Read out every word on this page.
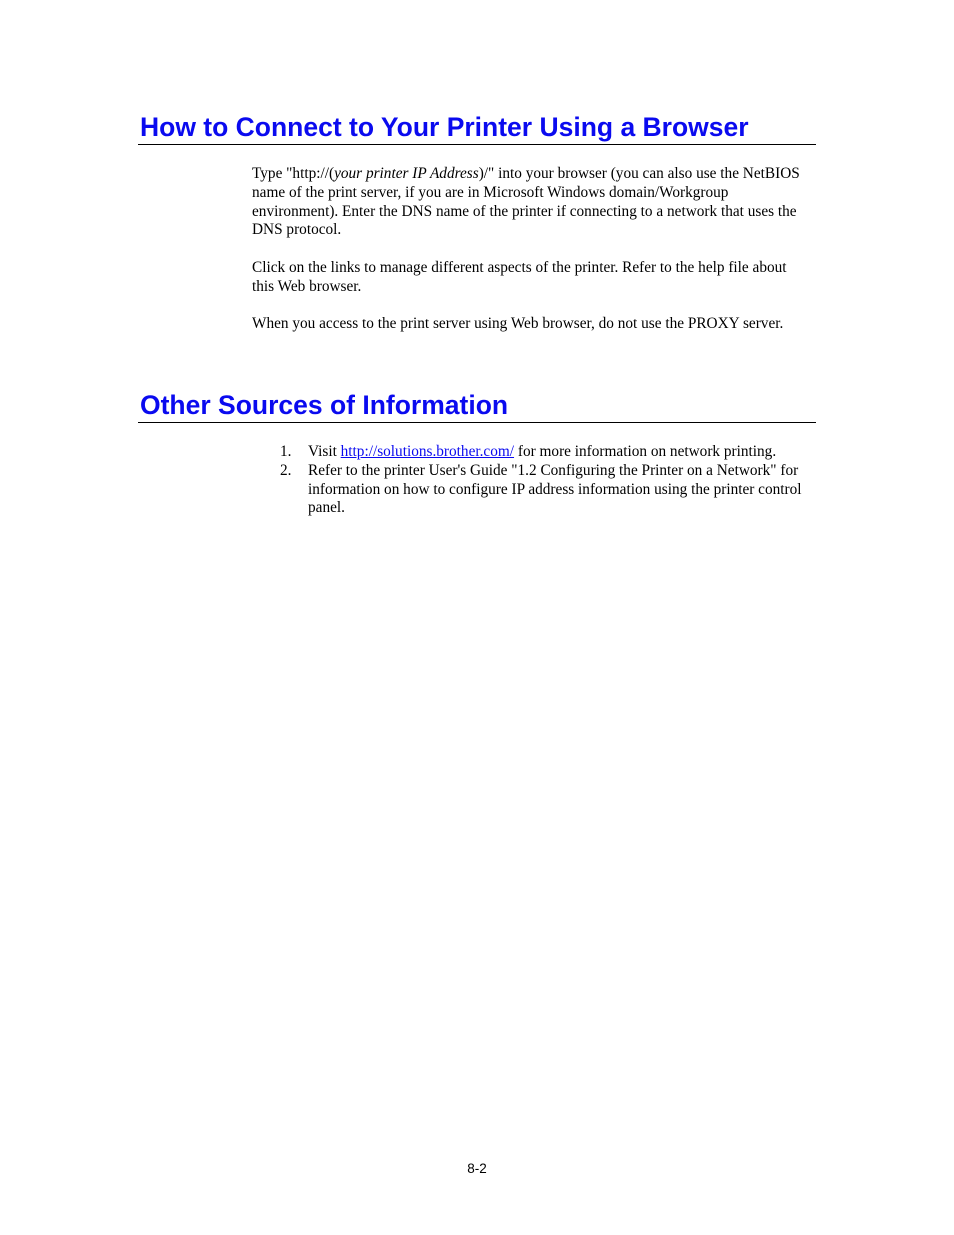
How to Connect to Your Printer Using a Browser

Type "http://(your printer IP Address)/" into your browser (you can also use the NetBIOS name of the print server, if you are in Microsoft Windows domain/Workgroup environment). Enter the DNS name of the printer if connecting to a network that uses the DNS protocol.

Click on the links to manage different aspects of the printer. Refer to the help file about this Web browser.

When you access to the print server using Web browser, do not use the PROXY server.

Other Sources of Information
1. Visit http://solutions.brother.com/ for more information on network printing.
2. Refer to the printer User's Guide "1.2 Configuring the Printer on a Network" for information on how to configure IP address information using the printer control panel.
8-2
